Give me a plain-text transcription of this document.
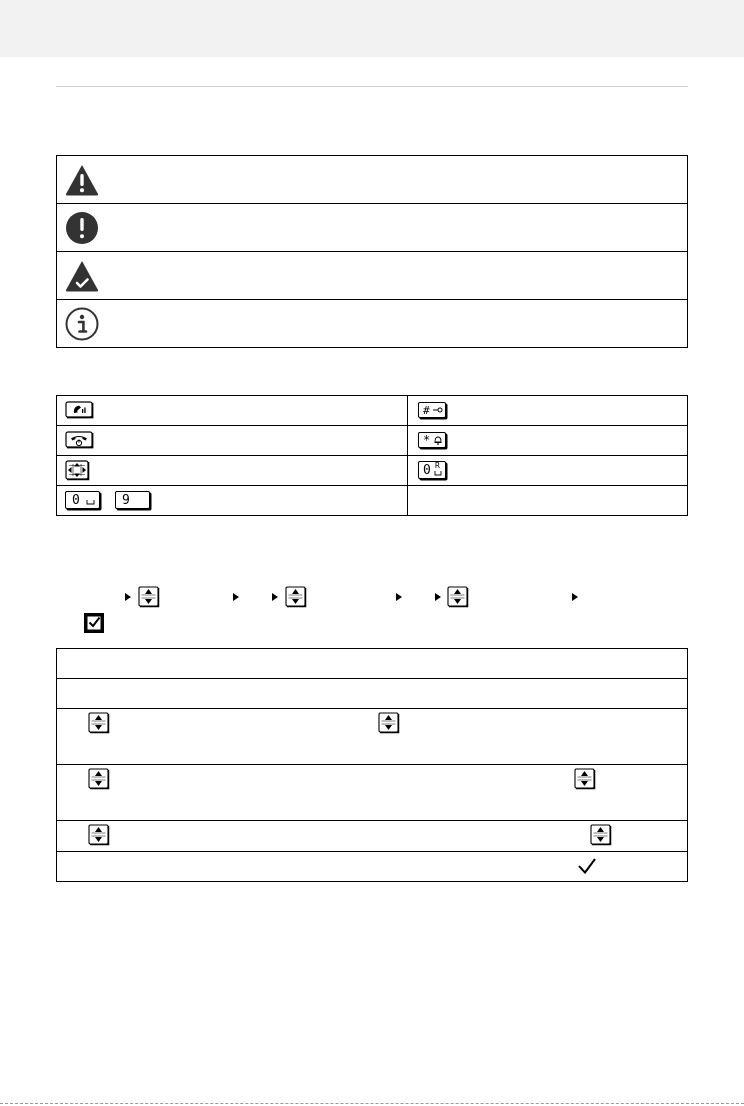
#
*
0 R
0	9
